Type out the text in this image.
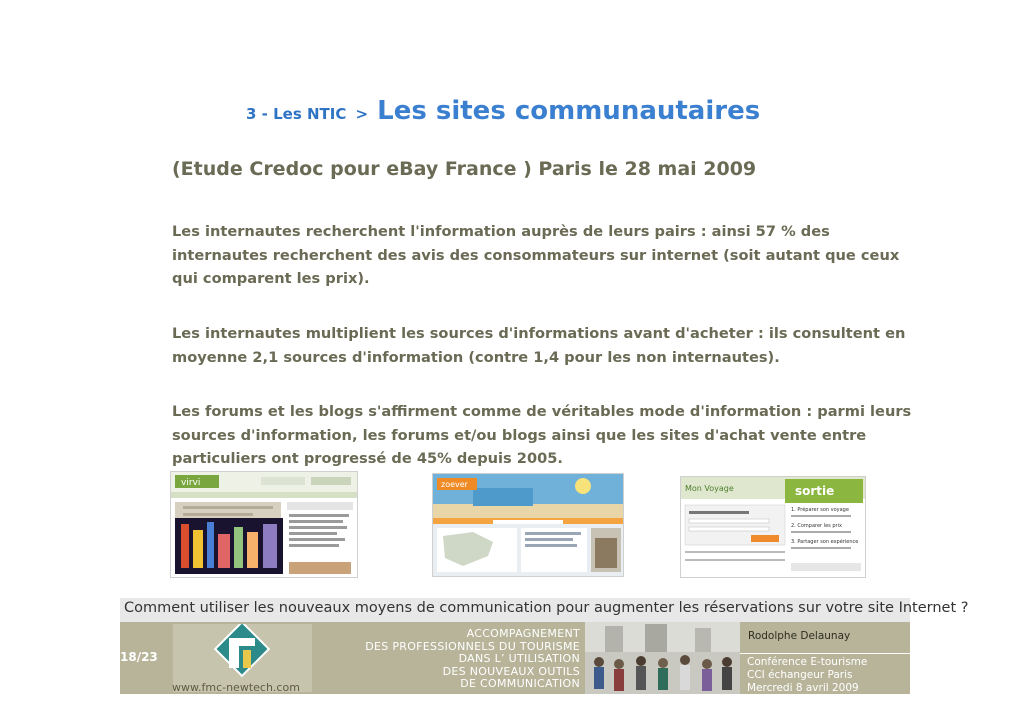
3 - Les NTIC > Les sites communautaires
(Etude Credoc pour eBay France ) Paris le 28 mai 2009
Les internautes recherchent l'information auprès de leurs pairs : ainsi 57 % des internautes recherchent des avis des consommateurs sur internet (soit autant que ceux qui comparent les prix).
Les internautes multiplient les sources d'informations avant d'acheter : ils consultent en moyenne 2,1 sources d'information (contre 1,4 pour les non internautes).
Les forums et les blogs s'affirment comme de véritables mode d'information : parmi leurs sources d'information, les forums et/ou blogs ainsi que les sites d'achat vente entre particuliers ont progressé de 45% depuis 2005.
virvi	zoever	Mon Voyage	sortie
1. Préparer son voyage
2. Comparer les prix
3. Partager son expérience
Comment utiliser les nouveaux moyens de communication pour augmenter les réservations sur votre site Internet ?
18/23
www.fmc-newtech.com
ACCOMPAGNEMENT
DES PROFESSIONNELS DU TOURISME
DANS L’ UTILISATION
DES NOUVEAUX OUTILS
DE COMMUNICATION
Rodolphe Delaunay
Conférence E-tourisme
CCI échangeur Paris
Mercredi 8 avril 2009
